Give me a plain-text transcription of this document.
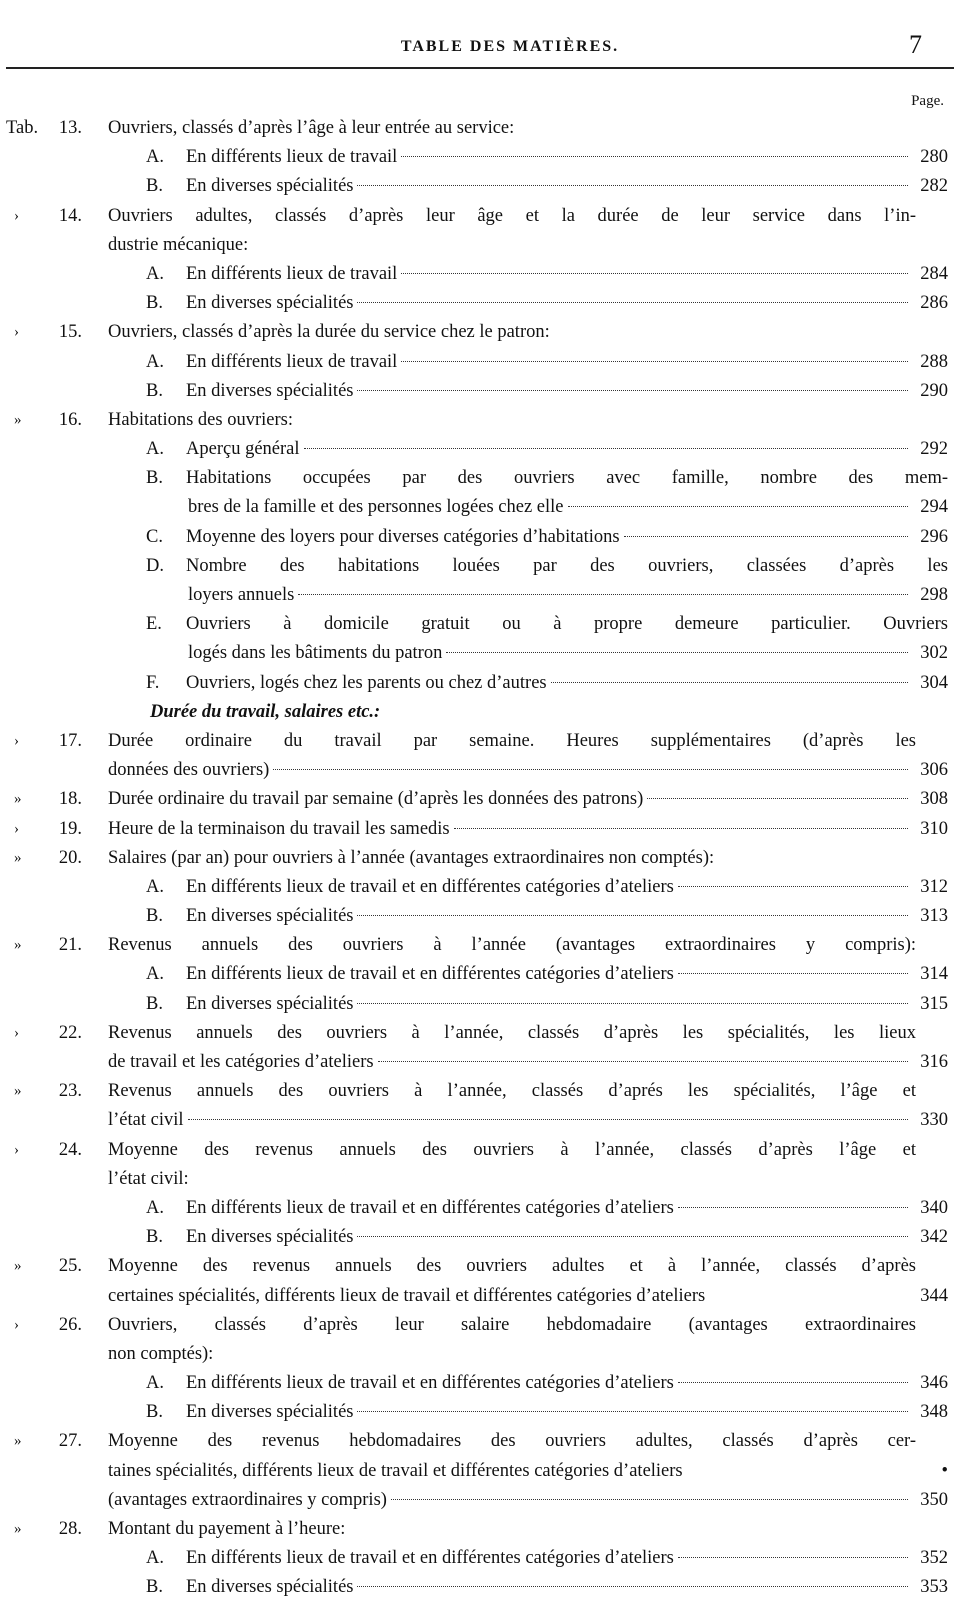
TABLE DES MATIÈRES.	7
Page.
Tab. 13. Ouvriers, classés d’après l’âge à leur entrée au service:
A.	En différents lieux de travail	280
B.	En diverses spécialités	282
› 14. Ouvriers adultes, classés d’après leur âge et la durée de leur service dans l’in-
dustrie mécanique:
A.	En différents lieux de travail	284
B.	En diverses spécialités	286
› 15. Ouvriers, classés d’après la durée du service chez le patron:
A.	En différents lieux de travail	288
B.	En diverses spécialités	290
» 16. Habitations des ouvriers:
A.	Aperçu général	292
B.	Habitations occupées par des ouvriers avec famille, nombre des mem-
bres de la famille et des personnes logées chez elle	294
C.	Moyenne des loyers pour diverses catégories d’habitations	296
D.	Nombre des habitations louées par des ouvriers, classées d’après les
loyers annuels	298
E.	Ouvriers à domicile gratuit ou à propre demeure particulier. Ouvriers
logés dans les bâtiments du patron	302
F.	Ouvriers, logés chez les parents ou chez d’autres	304
Durée du travail, salaires etc.:
› 17. Durée ordinaire du travail par semaine. Heures supplémentaires (d’après les
données des ouvriers)	306
» 18. Durée ordinaire du travail par semaine (d’après les données des patrons)	308
› 19. Heure de la terminaison du travail les samedis	310
» 20. Salaires (par an) pour ouvriers à l’année (avantages extraordinaires non comptés):
A.	En différents lieux de travail et en différentes catégories d’ateliers	312
B.	En diverses spécialités	313
» 21. Revenus annuels des ouvriers à l’année (avantages extraordinaires y compris):
A.	En différents lieux de travail et en différentes catégories d’ateliers	314
B.	En diverses spécialités	315
› 22. Revenus annuels des ouvriers à l’année, classés d’après les spécialités, les lieux
de travail et les catégories d’ateliers	316
» 23. Revenus annuels des ouvriers à l’année, classés d’aprés les spécialités, l’âge et
l’état civil	330
› 24. Moyenne des revenus annuels des ouvriers à l’année, classés d’après l’âge et
l’état civil:
A.	En différents lieux de travail et en différentes catégories d’ateliers	340
B.	En diverses spécialités	342
» 25. Moyenne des revenus annuels des ouvriers adultes et à l’année, classés d’après
certaines spécialités, différents lieux de travail et différentes catégories d’ateliers	344
› 26. Ouvriers, classés d’après leur salaire hebdomadaire (avantages extraordinaires
non comptés):
A.	En différents lieux de travail et en différentes catégories d’ateliers	346
B.	En diverses spécialités	348
» 27. Moyenne des revenus hebdomadaires des ouvriers adultes, classés d’après cer-
taines spécialités, différents lieux de travail et différentes catégories d’ateliers	•
(avantages extraordinaires y compris)	350
» 28. Montant du payement à l’heure:
A.	En différents lieux de travail et en différentes catégories d’ateliers	352
B.	En diverses spécialités	353
